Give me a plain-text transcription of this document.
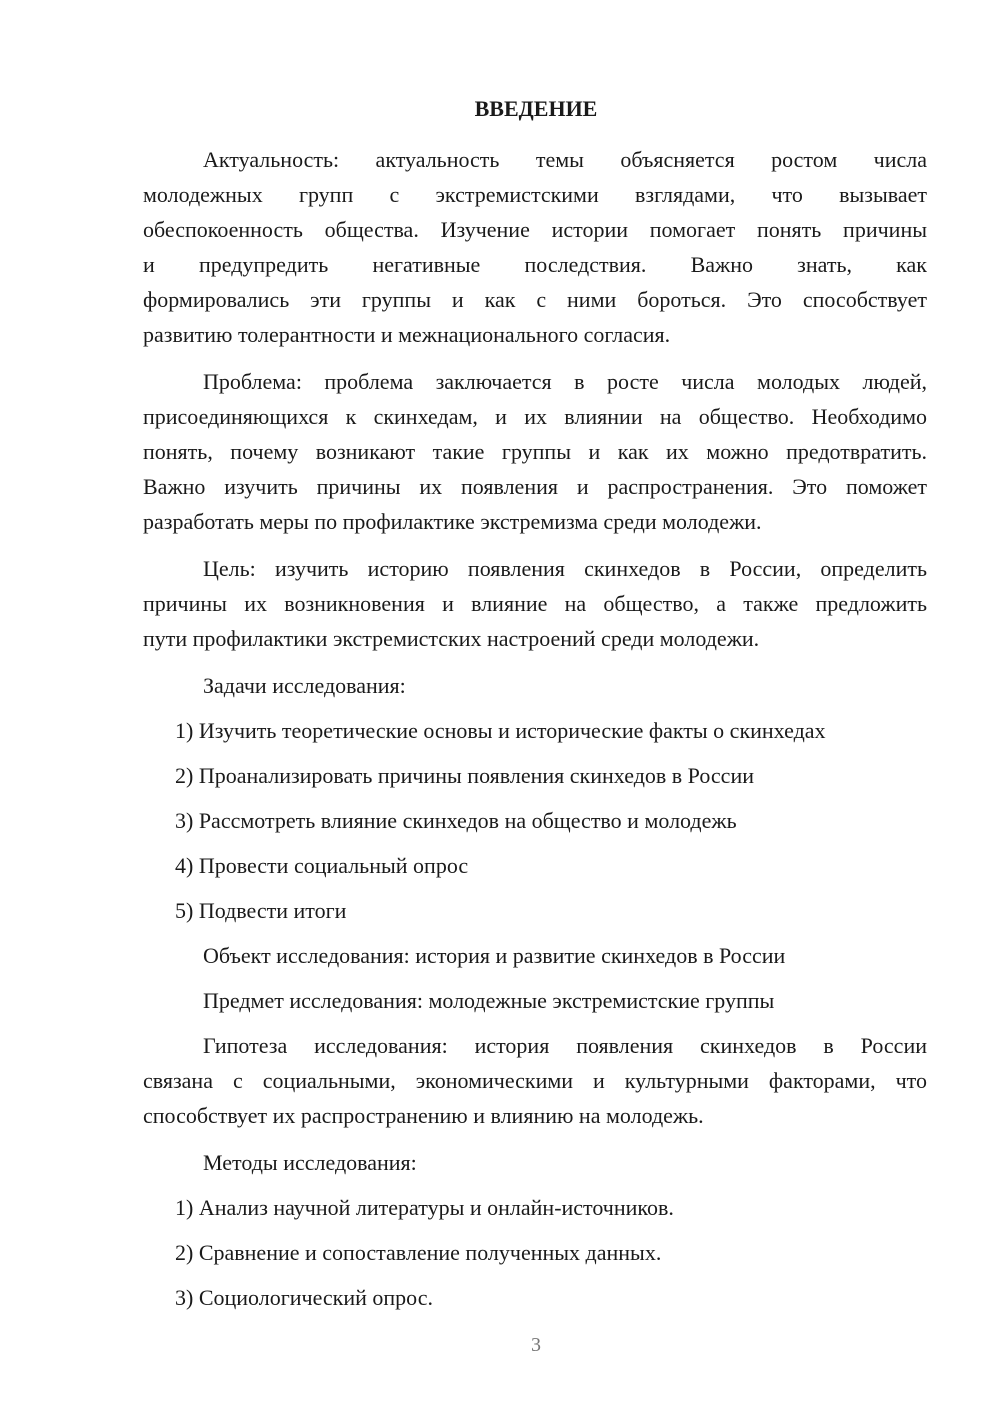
ВВЕДЕНИЕ
Актуальность: актуальность темы объясняется ростом числа
молодежных групп с экстремистскими взглядами, что вызывает
обеспокоенность общества. Изучение истории помогает понять причины
и предупредить негативные последствия. Важно знать, как
формировались эти группы и как с ними бороться. Это способствует
развитию толерантности и межнационального согласия.
Проблема: проблема заключается в росте числа молодых людей,
присоединяющихся к скинхедам, и их влиянии на общество. Необходимо
понять, почему возникают такие группы и как их можно предотвратить.
Важно изучить причины их появления и распространения. Это поможет
разработать меры по профилактике экстремизма среди молодежи.
Цель: изучить историю появления скинхедов в России, определить
причины их возникновения и влияние на общество, а также предложить
пути профилактики экстремистских настроений среди молодежи.
Задачи исследования:
1) Изучить теоретические основы и исторические факты о скинхедах
2) Проанализировать причины появления скинхедов в России
3) Рассмотреть влияние скинхедов на общество и молодежь
4) Провести социальный опрос
5) Подвести итоги
Объект исследования: история и развитие скинхедов в России
Предмет исследования: молодежные экстремистские группы
Гипотеза исследования: история появления скинхедов в России
связана с социальными, экономическими и культурными факторами, что
способствует их распространению и влиянию на молодежь.
Методы исследования:
1) Анализ научной литературы и онлайн-источников.
2) Сравнение и сопоставление полученных данных.
3) Социологический опрос.
3
